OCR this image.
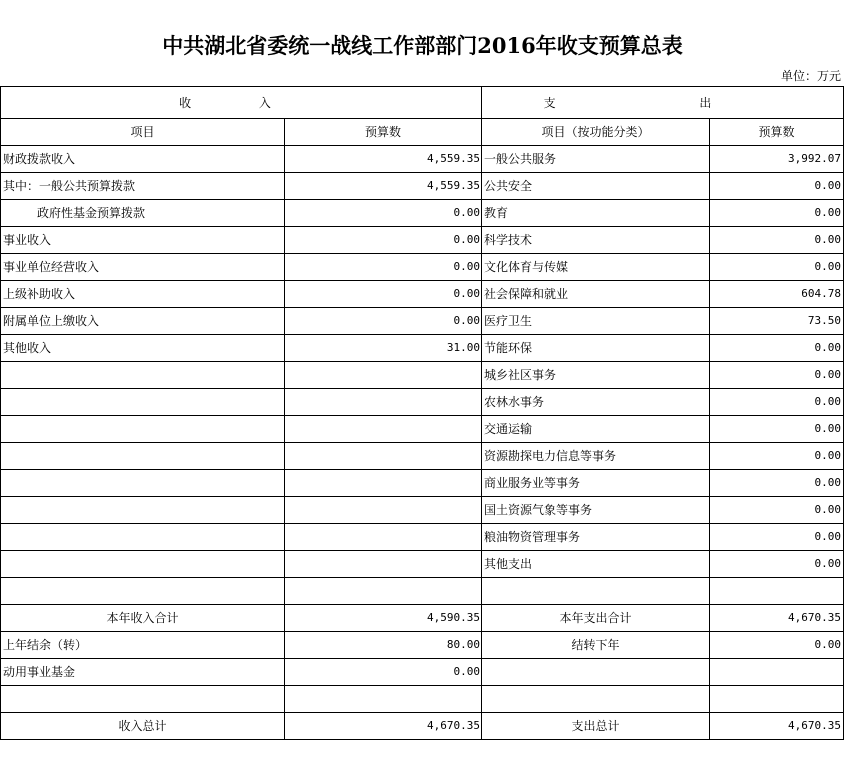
中共湖北省委统一战线工作部部门2016年收支预算总表
单位：万元
收 入		支 出	
项目	预算数	项目（按功能分类）	预算数
财政拨款收入	4,559.35	一般公共服务	3,992.07
其中：一般公共预算拨款	4,559.35	公共安全	0.00
政府性基金预算拨款	0.00	教育	0.00
事业收入	0.00	科学技术	0.00
事业单位经营收入	0.00	文化体育与传媒	0.00
上级补助收入	0.00	社会保障和就业	604.78
附属单位上缴收入	0.00	医疗卫生	73.50
其他收入	31.00	节能环保	0.00
		城乡社区事务	0.00
		农林水事务	0.00
		交通运输	0.00
		资源勘探电力信息等事务	0.00
		商业服务业等事务	0.00
		国土资源气象等事务	0.00
		粮油物资管理事务	0.00
		其他支出	0.00

本年收入合计	4,590.35	本年支出合计	4,670.35
上年结余（转）	80.00	结转下年	0.00
动用事业基金	0.00		

收入总计	4,670.35	支出总计	4,670.35
